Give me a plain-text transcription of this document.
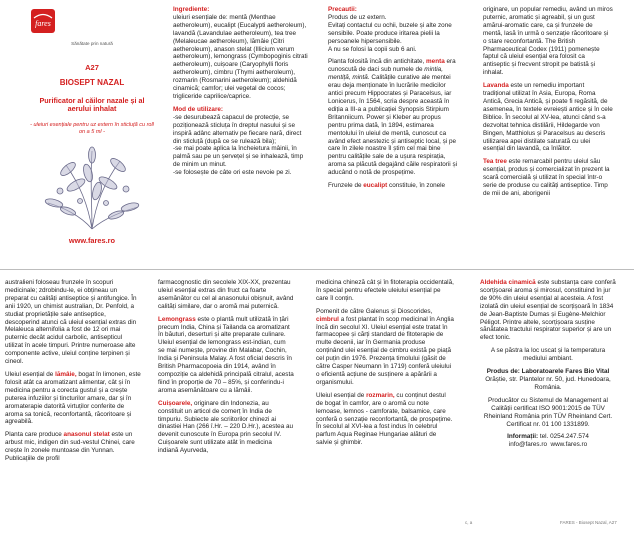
fares
Sănătate prin natură
A27
BIOSEPT NAZAL
Purificator al căilor nazale și al aerului inhalat
- uleiuri esențiale pentru uz extern în sticluță cu roll on a 5 ml -
www.fares.ro

Ingrediente:
uleiuri esențiale de: mentă (Menthae aetheroleum), eucalipt (Eucalypti aetheroleum), lavandă (Lavandulae aetheroleum), tea tree (Melaleucae aetheroleum), lămâie (Citri aetheroleum), anason stelat (Illicium verum aetheroleum), lemongrass (Cymbopoginis citrati aetheroleum), cuișoare (Caryophylli floris aetheroleum), cimbru (Thymi aetheroleum), rozmarin (Rosmarini aetheroleum); aldehidă cinamică; camfor; ulei vegetal de cocos; trigliceride caprilice/caprice.

Mod de utilizare:
-se desurubează capacul de protecție, se poziționează sticluța în dreptul nasului și se inspiră adânc alternativ pe fiecare nară, direct din sticluță (după ce se rulează bila);
-se mai poate aplica la încheietura mâinii, în palmă sau pe un șervețel și se inhalează, timp de minim un minut.
-se folosește de câte ori este nevoie pe zi.

Precautii:
Produs de uz extern.
Evitați contactul cu ochii, buzele și alte zone sensibile. Poate produce iritarea pielii la persoanele hipersensibile.
A nu se folosi la copii sub 6 ani.

Planta folosită încă din antichitate, menta era cunoscută de daci sub numele de mintia, mentiță, mintă. Calitățile curative ale mentei erau deja menționate în lucrările medicilor antici precum Hippocrates și Paracelsus, iar Lonicerus, în 1564, scria despre această în ediția a III-a a publicației Synopsis Stirpium Britanniicum. Power și Kleber au propus pentru prima dată, în 1894, estimarea mentolului în uleiul de mentă, cunoscut ca având efect anestezic și antiseptic local, și pe care în zilele noastre îl știm cel mai bine pentru calitățile sale de a ușura respirația, aroma sa plăcută degajând căile respiratorii și aducând o notă de prospețime.

Frunzele de eucalipt constituie, în zonele

originare, un popular remediu, având un miros puternic, aromatic și agreabil, și un gust amărui-aromatic care, ca și frunzele de mentă, lasă în urmă o senzație răcoritoare și o stare reconfortantă. The British Pharmaceutical Codex (1911) pomenește faptul că uleiul esențial era folosit ca antiseptic și frecvent stropit pe batistă și inhalat.

Lavanda este un remediu important tradițional utilizat în Asia, Europa, Roma Antică, Grecia Antică, și poate fi regăsită, de asemenea, în textele evreiești antice și în cele Biblice. În secolul al XV-lea, atunci când s-a dezvoltat tehnica distilării, Hildegarde von Bingen, Matthiolus și Paracelsus au descris utilizarea apei distilate saturată cu ulei esențial din lavandă, ca înlăitor.

Tea tree este remarcabil pentru uleiul său esențial, produs și comercializat în prezent la scară comercială și utilizat în special într-o serie de produse cu calități antiseptice. Timp de mii de ani, aborigenii

australieni foloseau frunzele în scopuri medicinale; zdrobindu-le, ei obțineau un preparat cu calități antiseptice și antifungice. În anii 1920, un chimist australian, Dr. Penfold, a studiat proprietățile sale antiseptice, descoperind atunci că uleiul esențial extras din Melaleuca alternifolia a fost de 12 ori mai puternic decât acidul carbolic, antisepticul utilizat în acele timpuri. Printre numeroase alte componente active, uleiul conține terpinen și cineol.

Uleiul esențial de lămâie, bogat în limonen, este folosit atât ca aromatizant alimentar, cât și în medicina pentru a corecta gustul și a crește puterea infuziilor și tincturilor amare, dar și în aromaterapie datorită virtuților conferite de aroma sa tonică, reconfortantă, răcoritoare și agreabilă.

Planta care produce anasonul stelat este un arbust mic, indigen din sud-vestul Chinei, care crește în zonele muntoase din Yunnan. Publicațiile de profil

farmacognostic din secolele XIX-XX, prezentau uleiul esențial extras din fruct ca foarte asemănător cu cel al anasonului obișnuit, având calități similare, dar o aromă mai puternică.

Lemongrass este o plantă mult utilizată în țări precum India, China și Tailanda ca aromatizant în băuturi, deserturi și alte preparate culinare. Uleiul esențial de lemongrass est-indian, cum se mai numește, provine din Malabar, Cochin, India și Peninsula Malay. A fost oficial descris în British Pharmacopoeia din 1914, având în compoziție ca aldehidă principală citralul, acesta fiind în proporție de 70 – 85%, și conferindu-i aroma asemănătoare cu a lămâii.

Cuișoarele, originare din Indonezia, au constituit un articol de comerț în India de timpuriu. Subiecte ale scriitorilor chinezi ai dinastiei Han (266 î.Hr. – 220 D.Hr.), acestea au devenit cunoscute în Europa prin secolul IV. Cuișoarele sunt utilizate atât în medicina indiană Ayurveda,

medicina chineză cât și în fitoterapia occidentală, în special pentru efectele uleiului esențial pe care îl conțin.

Pomenit de către Galenus și Dioscorides, cimbrul a fost plantat în scop medicinal în Anglia încă din secolul XI. Uleiul esențial este tratat în farmacopee și cărți standard de fitoterapie de multe decenii, iar în Germania produse conținând ulei esențial de cimbru există pe piață cel puțin din 1976. Prezența timolului (găsit de către Casper Neumann în 1719) conferă uleiului o eficientă acțiune de susținere a apărării a organismului.

Uleiul esențial de rozmarin, cu conținut destul de bogat în camfor, are o aromă cu note lemoase, lemnos - camforate, balsamice, care conferă o senzație reconfortantă, de prospețime. În secolul al XVI-lea a fost indus în celebrul parfum Aqua Reginae Hungariae alături de salvie și ghimbir.

Aldehida cinamică este substanța care conferă scorțișoarei aroma și mirosul, constituind în jur de 90% din uleiul esențial al acesteia. A fost izolată din uleiul esențial de scorțișoară în 1834 de Jean-Baptiste Dumas și Eugène-Melchior Péligot. Printre altele, scorțișoara susține sănătatea tractului respirator superior și are un efect tonic.

A se păstra la loc uscat și la temperatura mediului ambiant.

Produs de: Laboratoarele Fares Bio Vital Orăștie, str. Plantelor nr. 50, jud. Hunedoara, România.

Producător cu Sistemul de Management al Calității certificat ISO 9001:2015 de TÜV Rheinland România prin TÜV Rheinland Cert. Certificat nr. 01 100 1331899.

Informații: tel. 0254.247.574
info@fares.ro www.fares.ro

c, a	FARES - Biosept Nazal, A27
